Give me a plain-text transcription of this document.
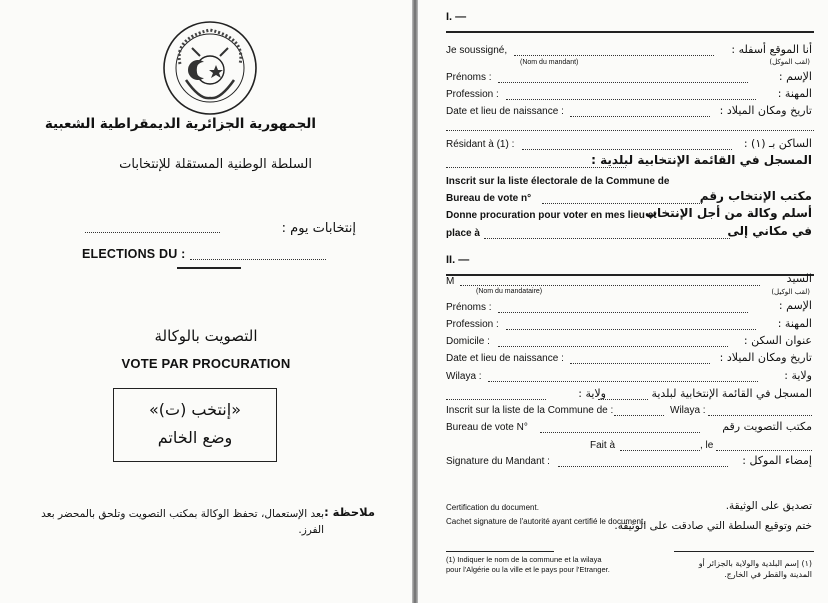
الجمهورية الجزائرية الديمقراطية الشعبية
السلطة الوطنية المستقلة للإنتخابات
إنتخابات يوم :
ELECTIONS DU :
التصويت بالوكالة
VOTE PAR PROCURATION
«إنتخب (ت)»
وضع الخاتم
ملاحظة :
بعد الإستعمال، تحفظ الوكالة بمكتب التصويت وتلحق بالمحضر بعد الفرز.
I. —
Je soussigné,	أنا الموقع أسفله :
(Nom du mandant)	(لقب الموكل)
Prénoms :	الإسم :
Profession :	المهنة :
Date et lieu de naissance :	تاريخ ومكان الميلاد :
Résidant à (1) :	الساكن بـ (١) :
المسجل في القائمة الإنتخابية لبلدية :
Inscrit sur la liste électorale de la Commune de
Bureau de vote n°	مكتب الإنتخاب رقم
Donne procuration pour voter en mes lieu et
أسلم وكالة من أجل الإنتخاب
place à	في مكاني إلى
II. —
M	السيد
(Nom du mandataire)	(لقب الوكيل)
Prénoms :	الإسم :
Profession :	المهنة :
Domicile :	عنوان السكن :
Date et lieu de naissance :	تاريخ ومكان الميلاد :
Wilaya :	ولاية :
ولاية :	المسجل في القائمة الإنتخابية لبلدية
Inscrit sur la liste de la Commune de :	Wilaya :
Bureau de vote N°	مكتب التصويت رقم
Fait à	, le
Signature du Mandant :	إمضاء الموكل :
Certification du document.	تصديق على الوثيقة.
Cachet signature de l'autorité ayant certifié le document.
ختم وتوقيع السلطة التي صادقت على الوثيقة.
(1) Indiquer le nom de la commune et la wilaya pour l'Algérie ou la ville et le pays pour l'Etranger.
(١) إسم البلدية والولاية بالجزائر أو المدينة والقطر في الخارج.
